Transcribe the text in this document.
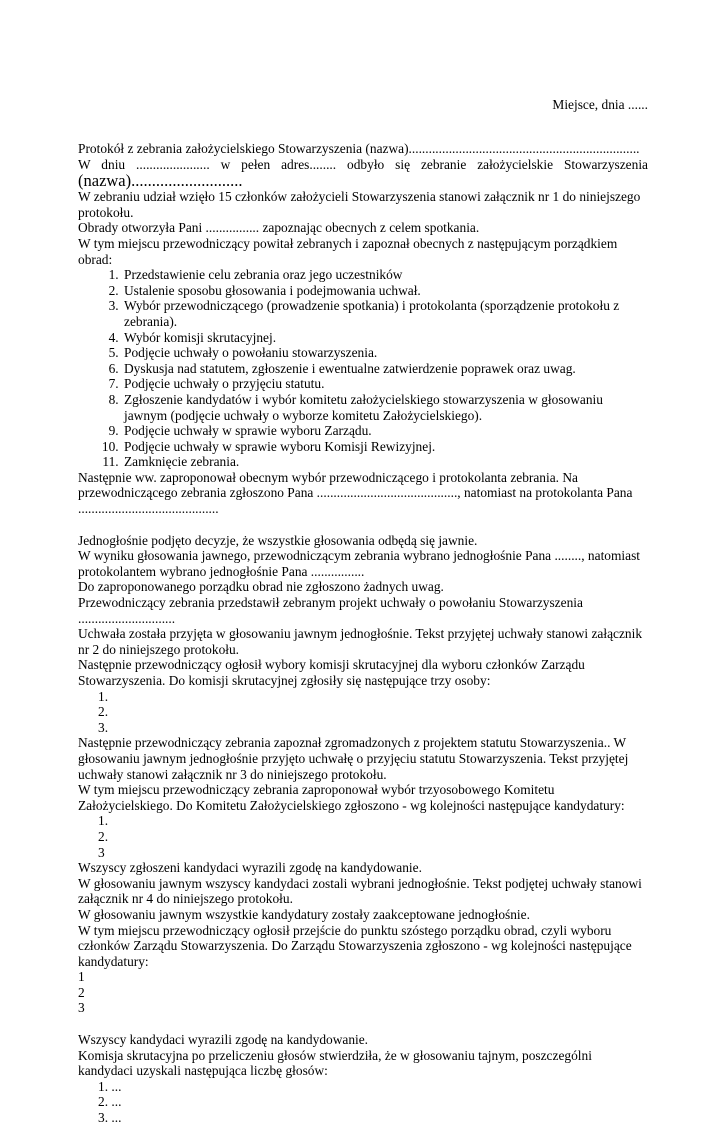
Miejsce, dnia ......

Protokół z zebrania założycielskiego Stowarzyszenia (nazwa).....................................................................

W dniu ...................... w pełen adres........ odbyło się zebranie założycielskie Stowarzyszenia

(nazwa)...........................

W zebraniu udział wzięło 15 członków założycieli Stowarzyszenia stanowi załącznik nr 1 do niniejszego protokołu.

Obrady otworzyła Pani ................ zapoznając obecnych z celem spotkania.

W tym miejscu przewodniczący powitał zebranych i zapoznał obecnych z następującym porządkiem obrad:

1. Przedstawienie celu zebrania oraz jego uczestników
2. Ustalenie sposobu głosowania i podejmowania uchwał.
3. Wybór przewodniczącego (prowadzenie spotkania) i protokolanta (sporządzenie protokołu z zebrania).
4. Wybór komisji skrutacyjnej.
5. Podjęcie uchwały o powołaniu stowarzyszenia.
6. Dyskusja nad statutem, zgłoszenie i ewentualne zatwierdzenie poprawek oraz uwag.
7. Podjęcie uchwały o przyjęciu statutu.
8. Zgłoszenie kandydatów i wybór komitetu założycielskiego stowarzyszenia w głosowaniu jawnym (podjęcie uchwały o wyborze komitetu Założycielskiego).
9. Podjęcie uchwały w sprawie wyboru Zarządu.
10. Podjęcie uchwały w sprawie wyboru Komisji Rewizyjnej.
11. Zamknięcie zebrania.

Następnie ww. zaproponował obecnym wybór przewodniczącego i protokolanta zebrania. Na przewodniczącego zebrania zgłoszono Pana .........................................., natomiast na protokolanta Pana ..........................................

Jednogłośnie podjęto decyzje, że wszystkie głosowania odbędą się jawnie.

W wyniku głosowania jawnego, przewodniczącym zebrania wybrano jednogłośnie Pana ........, natomiast protokolantem wybrano jednogłośnie Pana ................

Do zaproponowanego porządku obrad nie zgłoszono żadnych uwag.

Przewodniczący zebrania przedstawił zebranym projekt uchwały o powołaniu Stowarzyszenia .............................

Uchwała została przyjęta w głosowaniu jawnym jednogłośnie. Tekst przyjętej uchwały stanowi załącznik nr 2 do niniejszego protokołu.

Następnie przewodniczący ogłosił wybory komisji skrutacyjnej dla wyboru członków Zarządu Stowarzyszenia. Do komisji skrutacyjnej zgłosiły się następujące trzy osoby:

1.
2.
3.

Następnie przewodniczący zebrania zapoznał zgromadzonych z projektem statutu Stowarzyszenia.. W głosowaniu jawnym jednogłośnie przyjęto uchwałę o przyjęciu statutu Stowarzyszenia. Tekst przyjętej uchwały stanowi załącznik nr 3 do niniejszego protokołu.

W tym miejscu przewodniczący zebrania zaproponował wybór trzyosobowego Komitetu Założycielskiego. Do Komitetu Założycielskiego zgłoszono - wg kolejności następujące kandydatury:

1.
2.
3

Wszyscy zgłoszeni kandydaci wyrazili zgodę na kandydowanie.

W głosowaniu jawnym wszyscy kandydaci zostali wybrani jednogłośnie. Tekst podjętej uchwały stanowi załącznik nr 4 do niniejszego protokołu.

W głosowaniu jawnym wszystkie kandydatury zostały zaakceptowane jednogłośnie.

W tym miejscu przewodniczący ogłosił przejście do punktu szóstego porządku obrad, czyli wyboru członków Zarządu Stowarzyszenia. Do Zarządu Stowarzyszenia zgłoszono - wg kolejności następujące kandydatury:

1
2
3

Wszyscy kandydaci wyrazili zgodę na kandydowanie.

Komisja skrutacyjna po przeliczeniu głosów stwierdziła, że w głosowaniu tajnym, poszczególni kandydaci uzyskali następująca liczbę głosów:

1. ...
2. ...
3. ...
